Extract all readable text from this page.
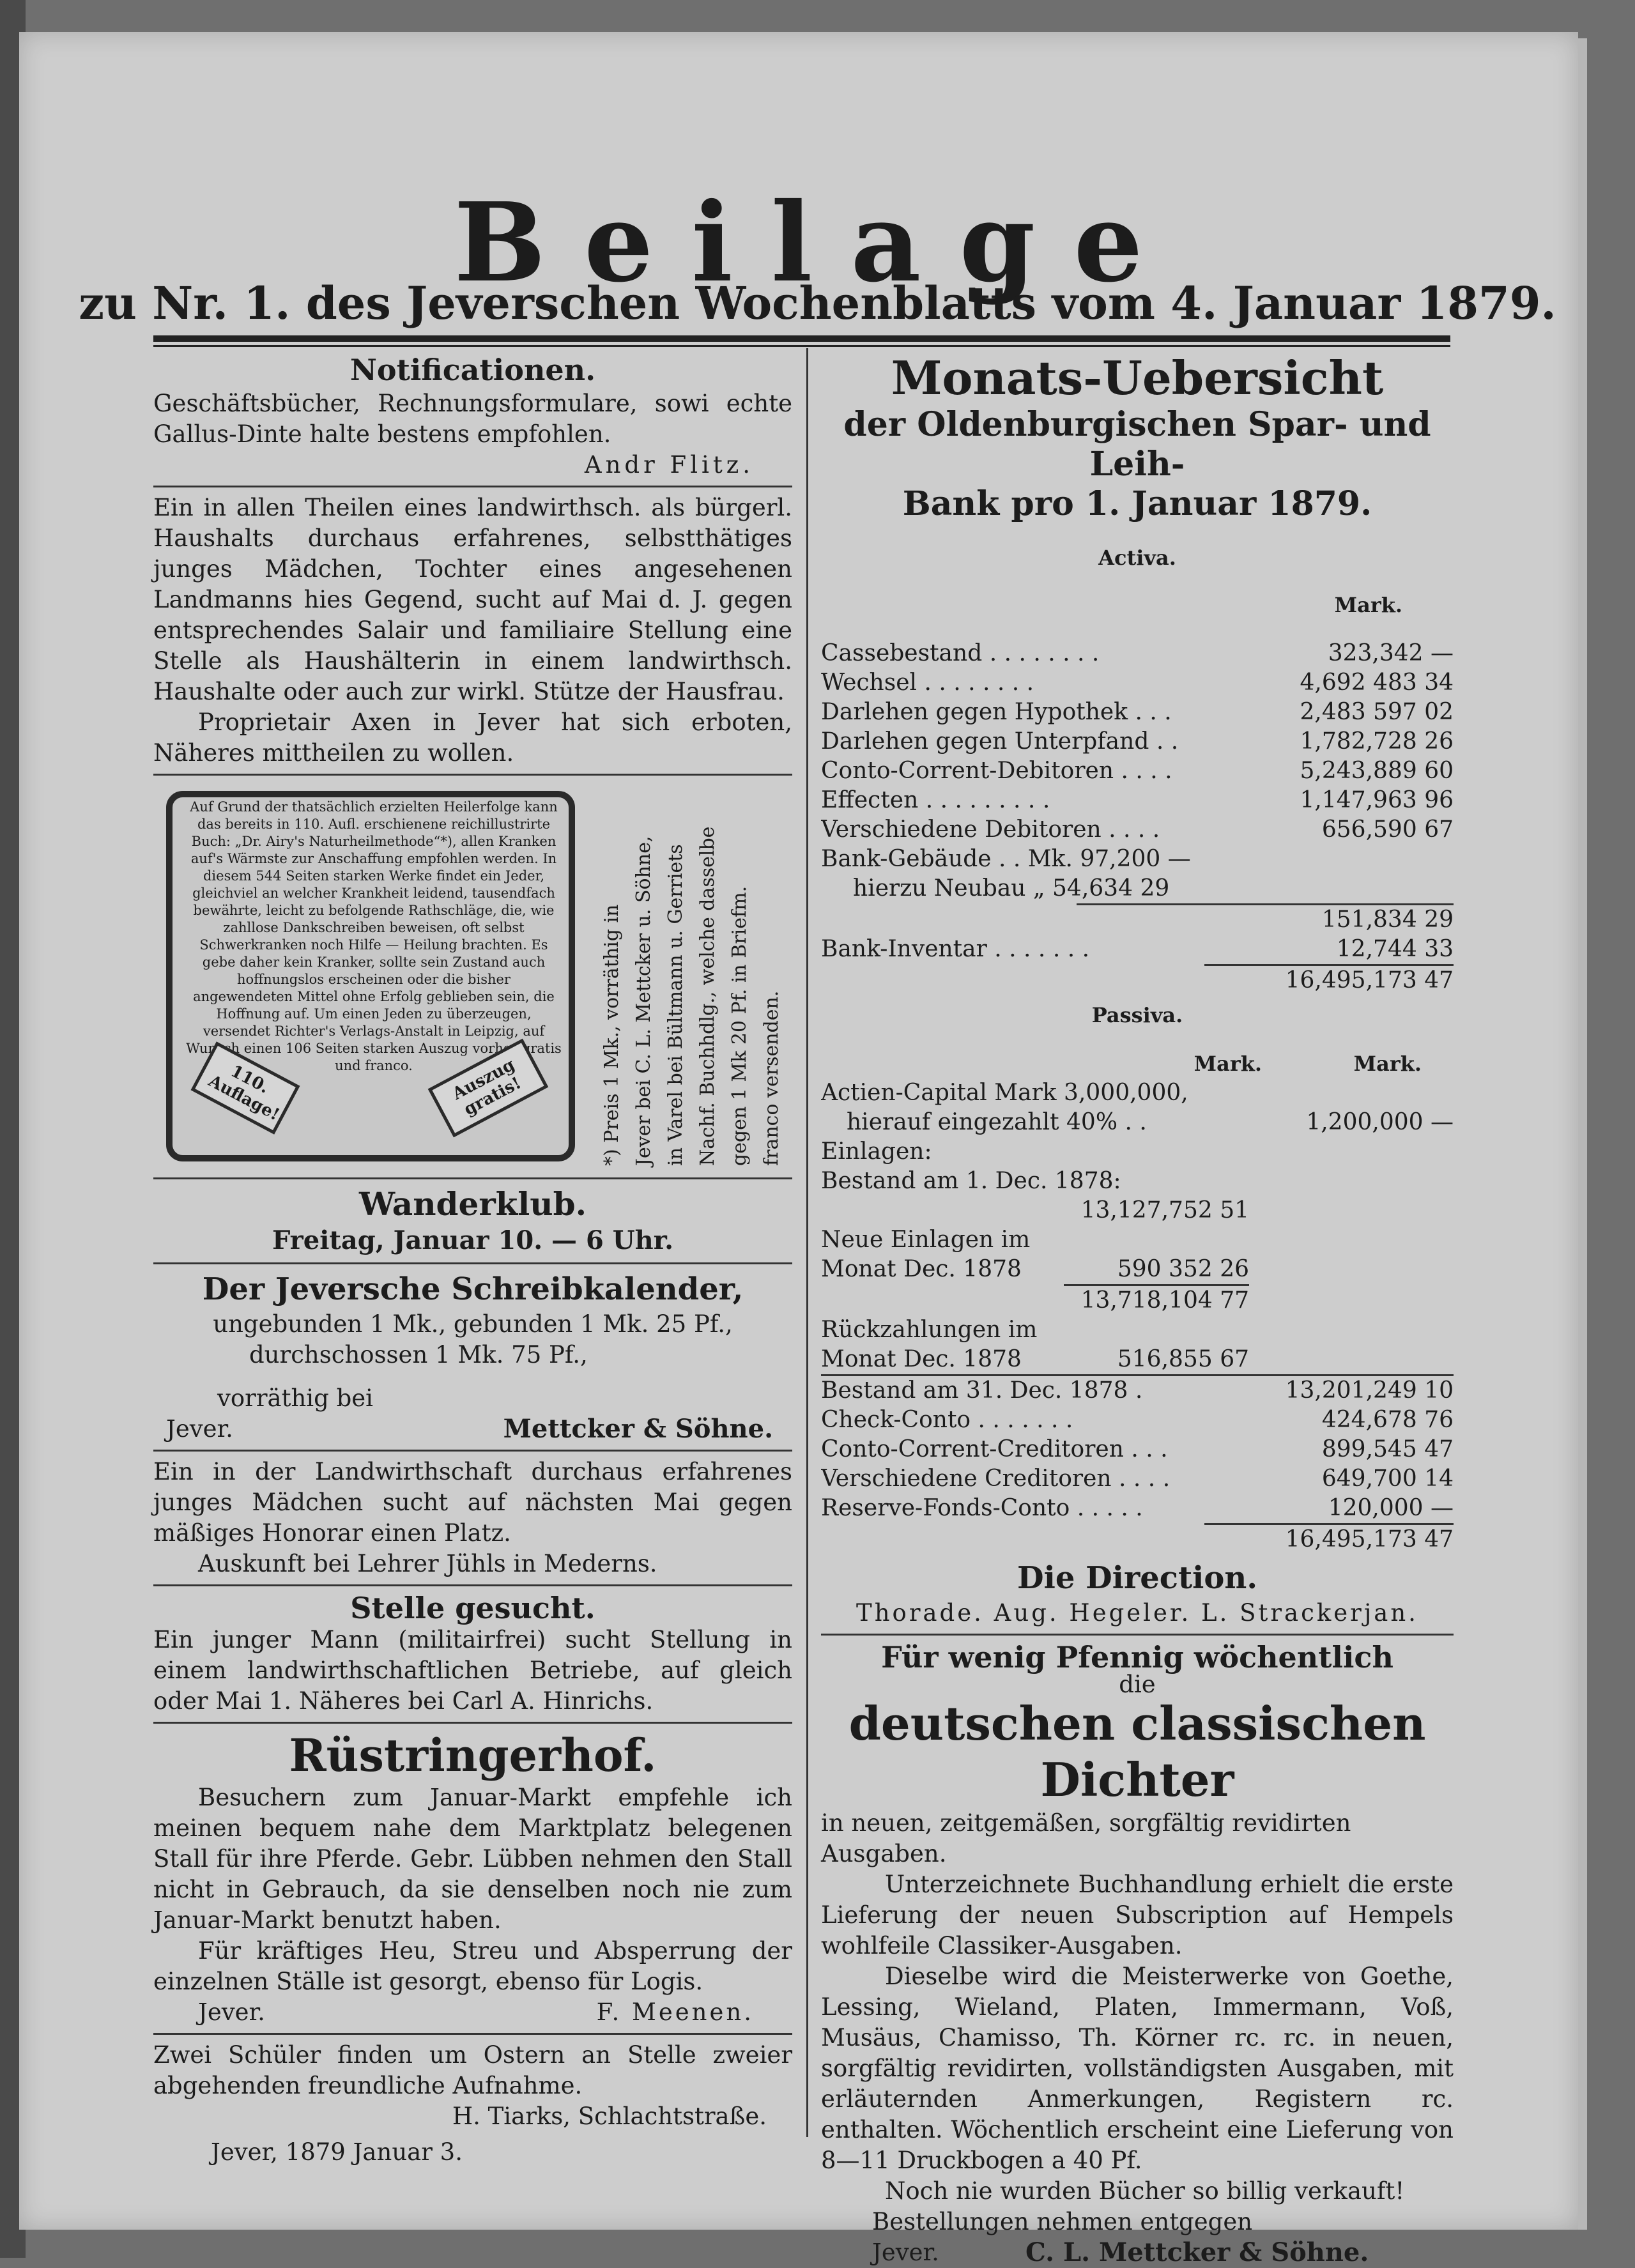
Beilage
zu Nr. 1. des Jeverschen Wochenblatts vom 4. Januar 1879.

Notificationen.

Geschäftsbücher, Rechnungsformulare, sowi echte Gallus-Dinte halte bestens empfohlen.

Andr Flitz.

Ein in allen Theilen eines landwirthsch. als bürgerl. Haushalts durchaus erfahrenes, selbstthätiges junges Mädchen, Tochter eines angesehenen Landmanns hies Gegend, sucht auf Mai d. J. gegen entsprechendes Salair und familiaire Stellung eine Stelle als Haushälterin in einem landwirthsch. Haushalte oder auch zur wirkl. Stütze der Hausfrau.

Proprietair Axen in Jever hat sich erboten, Näheres mittheilen zu wollen.

Auf Grund der thatsächlich erzielten Heilerfolge kann das bereits in 110. Aufl. erschienene reichillustrirte Buch: „Dr. Airy's Naturheilmethode“*), allen Kranken auf's Wärmste zur Anschaffung empfohlen werden. In diesem 544 Seiten starken Werke findet ein Jeder, gleichviel an welcher Krankheit leidend, tausendfach bewährte, leicht zu befolgende Rathschläge, die, wie zahllose Dankschreiben beweisen, oft selbst Schwerkranken noch Hilfe — Heilung brachten. Es gebe daher kein Kranker, sollte sein Zustand auch hoffnungslos erscheinen oder die bisher angewendeten Mittel ohne Erfolg geblieben sein, die Hoffnung auf. Um einen Jeden zu überzeugen, versendet Richter's Verlags-Anstalt in Leipzig, auf Wunsch einen 106 Seiten starken Auszug vorher gratis und franco.
110. Auflage!	Auszug gratis!	*) Preis 1 Mk., vorräthig in Jever bei C. L. Mettcker u. Söhne, in Varel bei Bültmann u. Gerriets Nachf. Buchhdlg., welche dasselbe gegen 1 Mk 20 Pf. in Briefm. franco versenden.

Wanderklub.

Freitag, Januar 10. — 6 Uhr.

Der Jeversche Schreibkalender,

ungebunden 1 Mk., gebunden 1 Mk. 25 Pf.,

durchschossen 1 Mk. 75 Pf.,

vorräthig bei

Jever.	Mettcker & Söhne.

Ein in der Landwirthschaft durchaus erfahrenes junges Mädchen sucht auf nächsten Mai gegen mäßiges Honorar einen Platz.

Auskunft bei Lehrer Jühls in Mederns.

Stelle gesucht.

Ein junger Mann (militairfrei) sucht Stellung in einem landwirthschaftlichen Betriebe, auf gleich oder Mai 1. Näheres bei Carl A. Hinrichs.

Rüstringerhof.

Besuchern zum Januar-Markt empfehle ich meinen bequem nahe dem Marktplatz belegenen Stall für ihre Pferde. Gebr. Lübben nehmen den Stall nicht in Gebrauch, da sie denselben noch nie zum Januar-Markt benutzt haben.

Für kräftiges Heu, Streu und Absperrung der einzelnen Ställe ist gesorgt, ebenso für Logis.

Jever.	F. Meenen.

Zwei Schüler finden um Ostern an Stelle zweier abgehenden freundliche Aufnahme.

H. Tiarks, Schlachtstraße.

Jever, 1879 Januar 3.

Monats-Uebersicht

der Oldenburgischen Spar- und Leih-

Bank pro 1. Januar 1879.

Activa.

Mark.

Cassebestand . . . . . . . .	323,342 —
Wechsel . . . . . . . .	4,692 483 34
Darlehen gegen Hypothek . . .	2,483 597 02
Darlehen gegen Unterpfand . .	1,782,728 26
Conto-Corrent-Debitoren . . . .	5,243,889 60
Effecten . . . . . . . . .	1,147,963 96
Verschiedene Debitoren . . . .	656,590 67
Bank-Gebäude . . Mk. 97,200 —
hierzu Neubau „ 54,634 29
151,834 29
Bank-Inventar . . . . . . .	12,744 33
16,495,173 47

Passiva.

Mark.	Mark.
Actien-Capital Mark 3,000,000,
hierauf eingezahlt 40% . .	1,200,000 —
Einlagen:
Bestand am 1. Dec. 1878:
13,127,752 51
Neue Einlagen im
Monat Dec. 1878	590 352 26
13,718,104 77
Rückzahlungen im
Monat Dec. 1878	516,855 67
Bestand am 31. Dec. 1878 .	13,201,249 10
Check-Conto . . . . . . .	424,678 76
Conto-Corrent-Creditoren . . .	899,545 47
Verschiedene Creditoren . . . .	649,700 14
Reserve-Fonds-Conto . . . . .	120,000 —
16,495,173 47

Die Direction.

Thorade. Aug. Hegeler. L. Strackerjan.

Für wenig Pfennig wöchentlich

die

deutschen classischen Dichter

in neuen, zeitgemäßen, sorgfältig revidirten Ausgaben.

Unterzeichnete Buchhandlung erhielt die erste Lieferung der neuen Subscription auf Hempels wohlfeile Classiker-Ausgaben.

Dieselbe wird die Meisterwerke von Goethe, Lessing, Wieland, Platen, Immermann, Voß, Musäus, Chamisso, Th. Körner rc. rc. in neuen, sorgfältig revidirten, vollständigsten Ausgaben, mit erläuternden Anmerkungen, Registern rc. enthalten. Wöchentlich erscheint eine Lieferung von 8—11 Druckbogen a 40 Pf.

Noch nie wurden Bücher so billig verkauft!

Bestellungen nehmen entgegen

Jever.	C. L. Mettcker & Söhne.
